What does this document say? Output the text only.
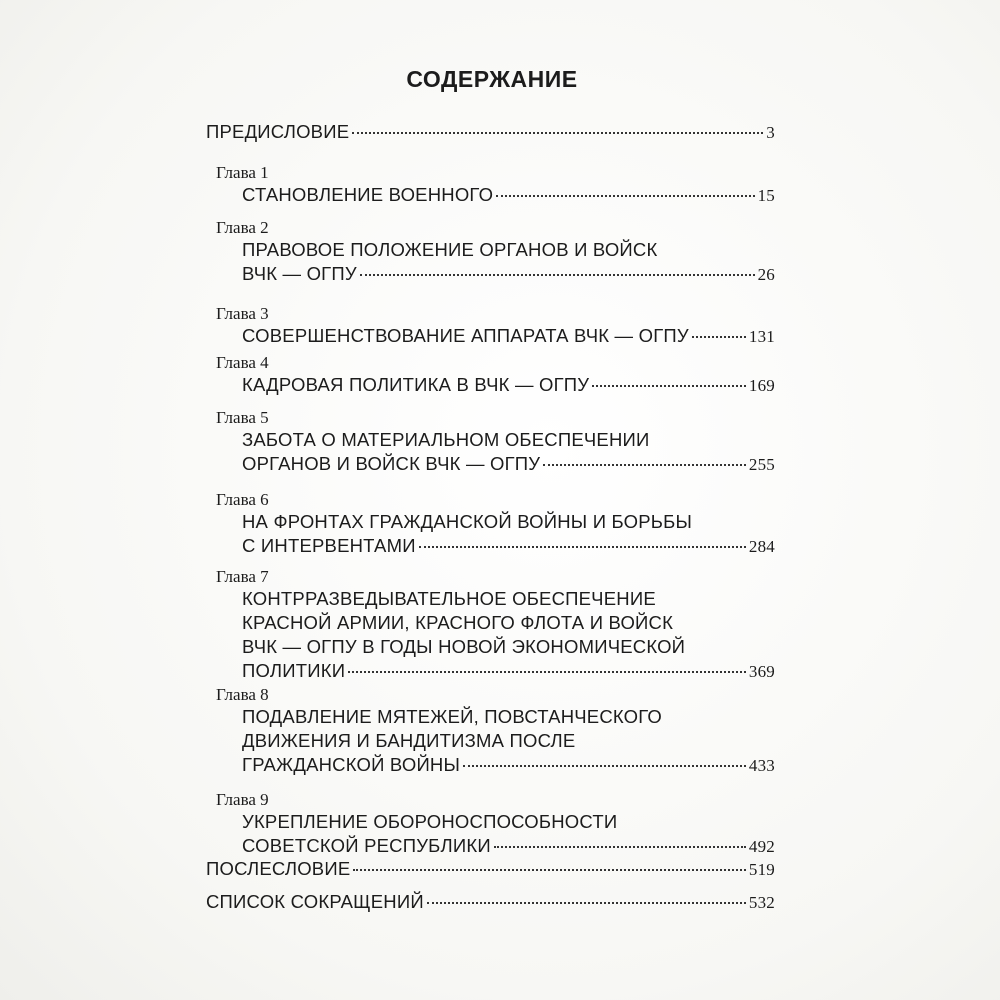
СОДЕРЖАНИЕ
ПРЕДИСЛОВИЕ	3
Глава 1
СТАНОВЛЕНИЕ ВОЕННОГО	15
Глава 2
ПРАВОВОЕ ПОЛОЖЕНИЕ ОРГАНОВ И ВОЙСК
ВЧК — ОГПУ	26
Глава 3
СОВЕРШЕНСТВОВАНИЕ АППАРАТА ВЧК — ОГПУ	131
Глава 4
КАДРОВАЯ ПОЛИТИКА В ВЧК — ОГПУ	169
Глава 5
ЗАБОТА О МАТЕРИАЛЬНОМ ОБЕСПЕЧЕНИИ
ОРГАНОВ И ВОЙСК ВЧК — ОГПУ	255
Глава 6
НА ФРОНТАХ ГРАЖДАНСКОЙ ВОЙНЫ И БОРЬБЫ
С ИНТЕРВЕНТАМИ	284
Глава 7
КОНТРРАЗВЕДЫВАТЕЛЬНОЕ ОБЕСПЕЧЕНИЕ
КРАСНОЙ АРМИИ, КРАСНОГО ФЛОТА И ВОЙСК
ВЧК — ОГПУ В ГОДЫ НОВОЙ ЭКОНОМИЧЕСКОЙ
ПОЛИТИКИ	369
Глава 8
ПОДАВЛЕНИЕ МЯТЕЖЕЙ, ПОВСТАНЧЕСКОГО
ДВИЖЕНИЯ И БАНДИТИЗМА ПОСЛЕ
ГРАЖДАНСКОЙ ВОЙНЫ	433
Глава 9
УКРЕПЛЕНИЕ ОБОРОНОСПОСОБНОСТИ
СОВЕТСКОЙ РЕСПУБЛИКИ	492
ПОСЛЕСЛОВИЕ	519
СПИСОК СОКРАЩЕНИЙ	532
